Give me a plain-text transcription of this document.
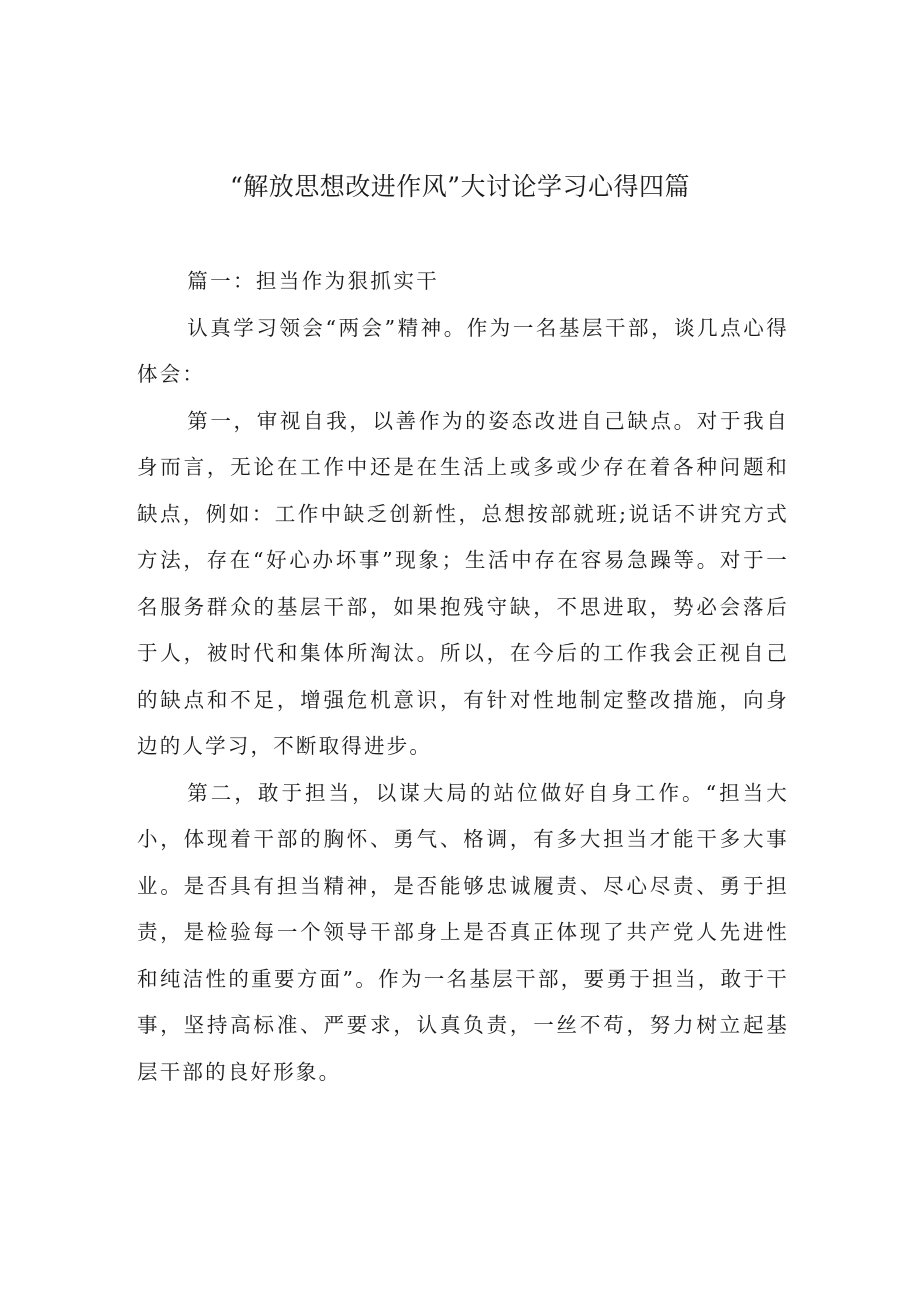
“解放思想改进作风”大讨论学习心得四篇

篇一：担当作为狠抓实干

认真学习领会“两会”精神。作为一名基层干部，谈几点心得体会：

第一，审视自我，以善作为的姿态改进自己缺点。对于我自身而言，无论在工作中还是在生活上或多或少存在着各种问题和缺点，例如：工作中缺乏创新性，总想按部就班;说话不讲究方式方法，存在“好心办坏事”现象；生活中存在容易急躁等。对于一名服务群众的基层干部，如果抱残守缺，不思进取，势必会落后于人，被时代和集体所淘汰。所以，在今后的工作我会正视自己的缺点和不足，增强危机意识，有针对性地制定整改措施，向身边的人学习，不断取得进步。

第二，敢于担当，以谋大局的站位做好自身工作。“担当大小，体现着干部的胸怀、勇气、格调，有多大担当才能干多大事业。是否具有担当精神，是否能够忠诚履责、尽心尽责、勇于担责，是检验每一个领导干部身上是否真正体现了共产党人先进性和纯洁性的重要方面”。作为一名基层干部，要勇于担当，敢于干事，坚持高标准、严要求，认真负责，一丝不苟，努力树立起基层干部的良好形象。
